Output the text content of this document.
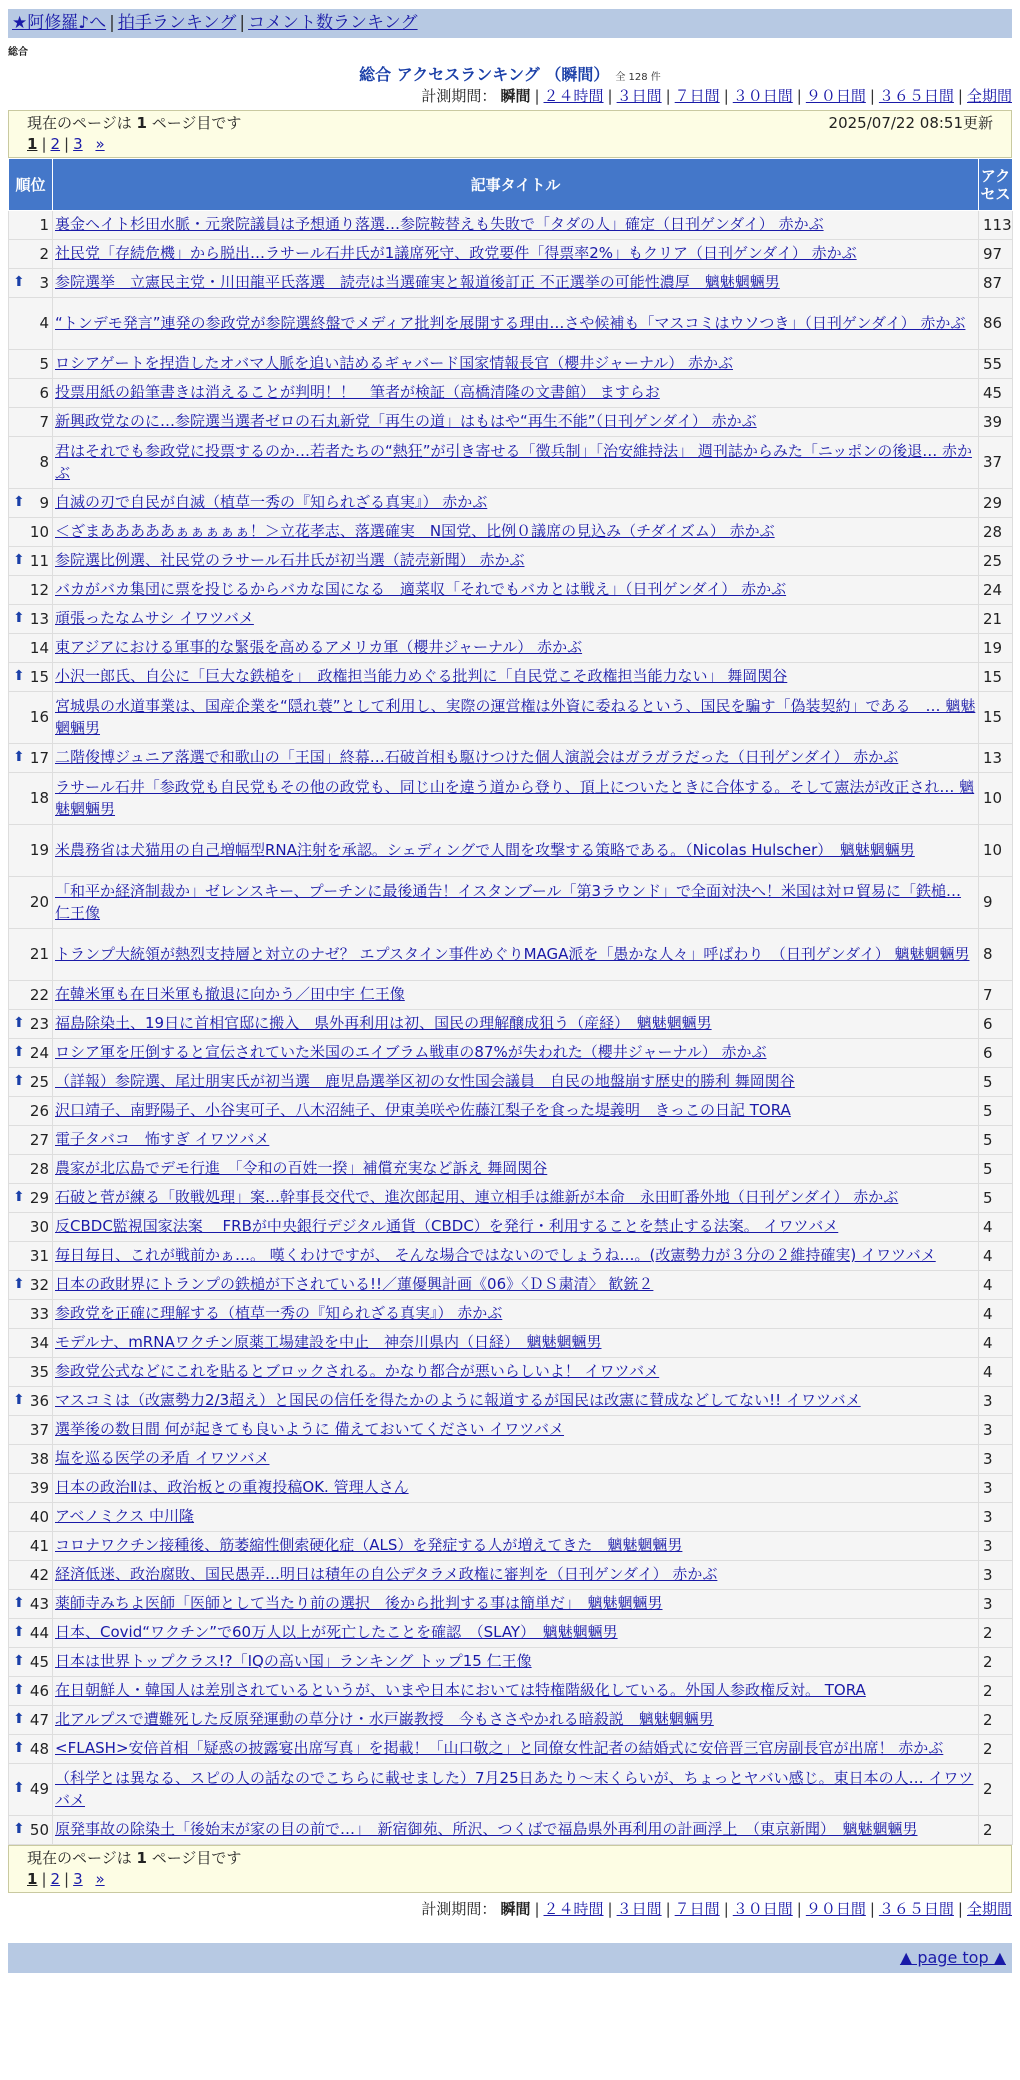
★阿修羅♪へ | 拍手ランキング | コメント数ランキング
総合
総合 アクセスランキング （瞬間） 全 128 件
計測期間： 瞬間 | ２４時間 | ３日間 | ７日間 | ３０日間 | ９０日間 | ３６５日間 | 全期間
現在のページは 1 ページ目です	2025/07/22 08:51更新
1 | 2 | 3 »
順位	記事タイトル	アクセス
1	裏金ヘイト杉田水脈・元衆院議員は予想通り落選…参院鞍替えも失敗で「タダの人」確定（日刊ゲンダイ） 赤かぶ	113
2	社民党「存続危機」から脱出…ラサール石井氏が1議席死守、政党要件「得票率2%」もクリア（日刊ゲンダイ） 赤かぶ	97

⬆ 3	参院選挙　立憲民主党・川田龍平氏落選　読売は当選確実と報道後訂正 不正選挙の可能性濃厚　魑魅魍魎男	87
4	“トンデモ発言”連発の参政党が参院選終盤でメディア批判を展開する理由…さや候補も「マスコミはウソつき」（日刊ゲンダイ） 赤かぶ	86
5	ロシアゲートを捏造したオバマ人脈を追い詰めるギャバード国家情報長官（櫻井ジャーナル） 赤かぶ	55
6	投票用紙の鉛筆書きは消えることが判明！！　筆者が検証（高橋清隆の文書館） ますらお	45
7	新興政党なのに…参院選当選者ゼロの石丸新党「再生の道」はもはや“再生不能”（日刊ゲンダイ） 赤かぶ	39
8	君はそれでも参政党に投票するのか…若者たちの“熱狂”が引き寄せる「徴兵制」「治安維持法」 週刊誌からみた「ニッポンの後退… 赤かぶ	37

⬆ 9	自滅の刃で自民が自滅（植草一秀の『知られざる真実』） 赤かぶ	29
10	＜ざまあああああぁぁぁぁぁ！＞立花孝志、落選確実　N国党、比例０議席の見込み（チダイズム） 赤かぶ	28

⬆ 11	参院選比例選、社民党のラサール石井氏が初当選（読売新聞） 赤かぶ	25
12	バカがバカ集団に票を投じるからバカな国になる　適菜収「それでもバカとは戦え」（日刊ゲンダイ） 赤かぶ	24

⬆ 13	頑張ったなムサシ イワツバメ	21
14	東アジアにおける軍事的な緊張を高めるアメリカ軍（櫻井ジャーナル） 赤かぶ	19

⬆ 15	小沢一郎氏、自公に「巨大な鉄槌を」　政権担当能力めぐる批判に「自民党こそ政権担当能力ない」 舞岡関谷	15
16	宮城県の水道事業は、国産企業を“隠れ蓑”として利用し、実際の運営権は外資に委ねるという、国民を騙す「偽装契約」である　… 魑魅魍魎男	15

⬆ 17	二階俊博ジュニア落選で和歌山の「王国」終幕…石破首相も駆けつけた個人演説会はガラガラだった（日刊ゲンダイ） 赤かぶ	13
18	ラサール石井「参政党も自民党もその他の政党も、同じ山を違う道から登り、頂上についたときに合体する。そして憲法が改正され… 魑魅魍魎男	10
19	米農務省は犬猫用の自己増幅型RNA注射を承認。シェディングで人間を攻撃する策略である。（Nicolas Hulscher）　魑魅魍魎男	10
20	「和平か経済制裁か」ゼレンスキー、プーチンに最後通告！イスタンブール「第3ラウンド」で全面対決へ！米国は対ロ貿易に「鉄槌… 仁王像	9
21	トランプ大統領が熱烈支持層と対立のナゼ？ エプスタイン事件めぐりMAGA派を「愚かな人々」呼ばわり　（日刊ゲンダイ） 魑魅魍魎男	8
22	在韓米軍も在日米軍も撤退に向かう／田中宇 仁王像	7

⬆ 23	福島除染土、19日に首相官邸に搬入　県外再利用は初、国民の理解醸成狙う（産経）　魑魅魍魎男	6

⬆ 24	ロシア軍を圧倒すると宣伝されていた米国のエイブラム戦車の87%が失われた（櫻井ジャーナル） 赤かぶ	6

⬆ 25	（詳報）参院選、尾辻朋実氏が初当選　鹿児島選挙区初の女性国会議員　自民の地盤崩す歴史的勝利 舞岡関谷	5
26	沢口靖子、南野陽子、小谷実可子、八木沼純子、伊東美咲や佐藤江梨子を食った堤義明　きっこの日記 TORA	5
27	電子タバコ　怖すぎ イワツバメ	5
28	農家が北広島でデモ行進　「令和の百姓一揆」補償充実など訴え 舞岡関谷	5

⬆ 29	石破と菅が練る「敗戦処理」案…幹事長交代で、進次郎起用、連立相手は維新が本命　永田町番外地（日刊ゲンダイ） 赤かぶ	5
30	反CBDC監視国家法案　 FRBが中央銀行デジタル通貨（CBDC）を発行・利用することを禁止する法案。 イワツバメ	4
31	毎日毎日、これが戦前かぁ…。 嘆くわけですが、 そんな場合ではないのでしょうね…。(改憲勢力が３分の２維持確実) イワツバメ	4

⬆ 32	日本の政財界にトランプの鉄槌が下されている!!／蓮優興計画《06》〈ＤＳ粛清〉 歓銃２	4
33	参政党を正確に理解する（植草一秀の『知られざる真実』） 赤かぶ	4
34	モデルナ、mRNAワクチン原薬工場建設を中止　神奈川県内（日経）　魑魅魍魎男	4
35	参政党公式などにこれを貼るとブロックされる。かなり都合が悪いらしいよ！ イワツバメ	4

⬆ 36	マスコミは（改憲勢力2/3超え）と国民の信任を得たかのように報道するが国民は改憲に賛成などしてない!! イワツバメ	3
37	選挙後の数日間 何が起きても良いように 備えておいてください イワツバメ	3
38	塩を巡る医学の矛盾 イワツバメ	3
39	日本の政治Ⅱは、政治板との重複投稿OK. 管理人さん	3
40	アベノミクス 中川隆	3
41	コロナワクチン接種後、筋萎縮性側索硬化症（ALS）を発症する人が増えてきた　魑魅魍魎男	3
42	経済低迷、政治腐敗、国民愚弄…明日は積年の自公デタラメ政権に審判を（日刊ゲンダイ） 赤かぶ	3

⬆ 43	薬師寺みちよ医師「医師として当たり前の選択　後から批判する事は簡単だ」　魑魅魍魎男	3

⬆ 44	日本、Covid“ワクチン”で60万人以上が死亡したことを確認　（SLAY）　魑魅魍魎男	2

⬆ 45	日本は世界トップクラス!?「IQの高い国」ランキング トップ15 仁王像	2

⬆ 46	在日朝鮮人・韓国人は差別されているというが、いまや日本においては特権階級化している。外国人参政権反対。 TORA	2

⬆ 47	北アルプスで遭難死した反原発運動の草分け・水戸巌教授　今もささやかれる暗殺説　魑魅魍魎男	2

⬆ 48	<FLASH>安倍首相「疑惑の披露宴出席写真」を掲載！「山口敬之」と同僚女性記者の結婚式に安倍晋三官房副長官が出席！ 赤かぶ	2

⬆ 49	（科学とは異なる、スピの人の話なのでこちらに載せました）7月25日あたり〜末くらいが、ちょっとヤバい感じ。東日本の人… イワツバメ	2

⬆ 50	原発事故の除染土「後始末が家の目の前で…」　新宿御苑、所沢、つくばで福島県外再利用の計画浮上　（東京新聞）　魑魅魍魎男	2
現在のページは 1 ページ目です
1 | 2 | 3 »
計測期間： 瞬間 | ２４時間 | ３日間 | ７日間 | ３０日間 | ９０日間 | ３６５日間 | 全期間
▲ page top ▲
